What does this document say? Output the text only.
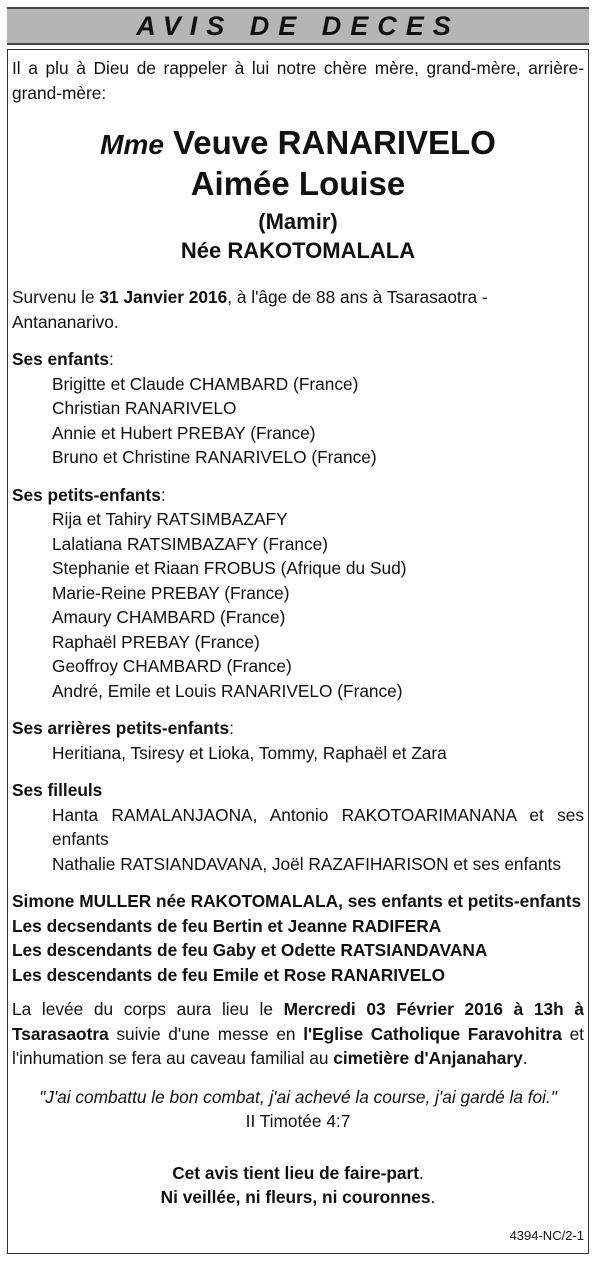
AVIS DE DECES

Il a plu à Dieu de rappeler à lui notre chère mère, grand-mère, arrière-grand-mère:

Mme Veuve RANARIVELO
Aimée Louise
(Mamir)
Née RAKOTOMALALA

Survenu le 31 Janvier 2016, à l'âge de 88 ans à Tsarasaotra -Antananarivo.

Ses enfants:
Brigitte et Claude CHAMBARD (France)
Christian RANARIVELO
Annie et Hubert PREBAY (France)
Bruno et Christine RANARIVELO (France)
Ses petits-enfants:
Rija et Tahiry RATSIMBAZAFY
Lalatiana RATSIMBAZAFY (France)
Stephanie et Riaan FROBUS (Afrique du Sud)
Marie-Reine PREBAY (France)
Amaury CHAMBARD (France)
Raphaël PREBAY (France)
Geoffroy CHAMBARD (France)
André, Emile et Louis RANARIVELO (France)
Ses arrières petits-enfants:
Heritiana, Tsiresy et Lioka, Tommy, Raphaël et Zara
Ses filleuls
Hanta RAMALANJAONA, Antonio RAKOTOARIMANANA et ses enfants
Nathalie RATSIANDAVANA, Joël RAZAFIHARISON et ses enfants
Simone MULLER née RAKOTOMALALA, ses enfants et petits-enfants
Les decsendants de feu Bertin et Jeanne RADIFERA
Les descendants de feu Gaby et Odette RATSIANDAVANA
Les descendants de feu Emile et Rose RANARIVELO

La levée du corps aura lieu le Mercredi 03 Février 2016 à 13h à Tsarasaotra suivie d'une messe en l'Eglise Catholique Faravohitra et l'inhumation se fera au caveau familial au cimetière d'Anjanahary.

"J'ai combattu le bon combat, j'ai achevé la course, j'ai gardé la foi."
II Timotée 4:7
Cet avis tient lieu de faire-part.
Ni veillée, ni fleurs, ni couronnes.
4394-NC/2-1
